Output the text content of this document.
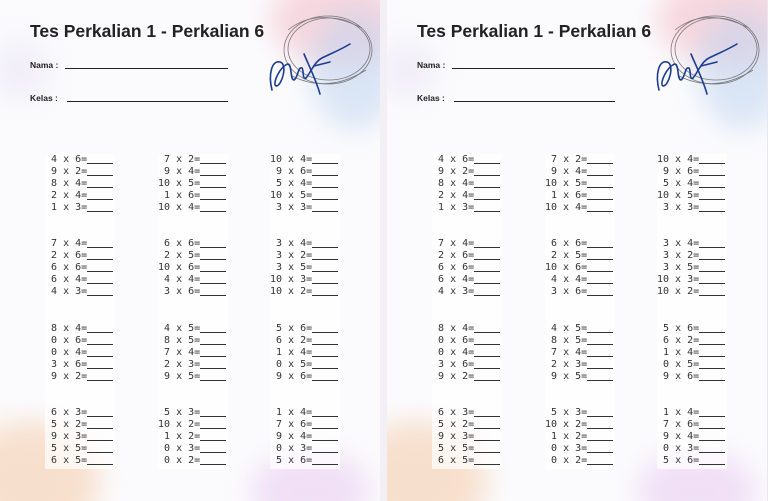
Tes Perkalian 1 - Perkalian 6
Nama :
Kelas :
4 x 6=
9 x 2=
8 x 4=
2 x 4=
1 x 3=
7 x 4=
2 x 6=
6 x 6=
6 x 4=
4 x 3=
8 x 4=
0 x 6=
0 x 4=
3 x 6=
9 x 2=
6 x 3=
5 x 2=
9 x 3=
5 x 5=
6 x 5=
7 x 2=
9 x 4=
10 x 5=
1 x 6=
10 x 4=
6 x 6=
2 x 5=
10 x 6=
4 x 4=
3 x 6=
4 x 5=
8 x 5=
7 x 4=
2 x 3=
9 x 5=
5 x 3=
10 x 2=
1 x 2=
0 x 3=
0 x 2=
10 x 4=
9 x 6=
5 x 4=
10 x 5=
3 x 3=
3 x 4=
3 x 2=
3 x 5=
10 x 3=
10 x 2=
5 x 6=
6 x 2=
1 x 4=
0 x 5=
9 x 6=
1 x 4=
7 x 6=
9 x 4=
0 x 3=
5 x 6=
Tes Perkalian 1 - Perkalian 6
Nama :
Kelas :
4 x 6=
9 x 2=
8 x 4=
2 x 4=
1 x 3=
7 x 4=
2 x 6=
6 x 6=
6 x 4=
4 x 3=
8 x 4=
0 x 6=
0 x 4=
3 x 6=
9 x 2=
6 x 3=
5 x 2=
9 x 3=
5 x 5=
6 x 5=
7 x 2=
9 x 4=
10 x 5=
1 x 6=
10 x 4=
6 x 6=
2 x 5=
10 x 6=
4 x 4=
3 x 6=
4 x 5=
8 x 5=
7 x 4=
2 x 3=
9 x 5=
5 x 3=
10 x 2=
1 x 2=
0 x 3=
0 x 2=
10 x 4=
9 x 6=
5 x 4=
10 x 5=
3 x 3=
3 x 4=
3 x 2=
3 x 5=
10 x 3=
10 x 2=
5 x 6=
6 x 2=
1 x 4=
0 x 5=
9 x 6=
1 x 4=
7 x 6=
9 x 4=
0 x 3=
5 x 6=
